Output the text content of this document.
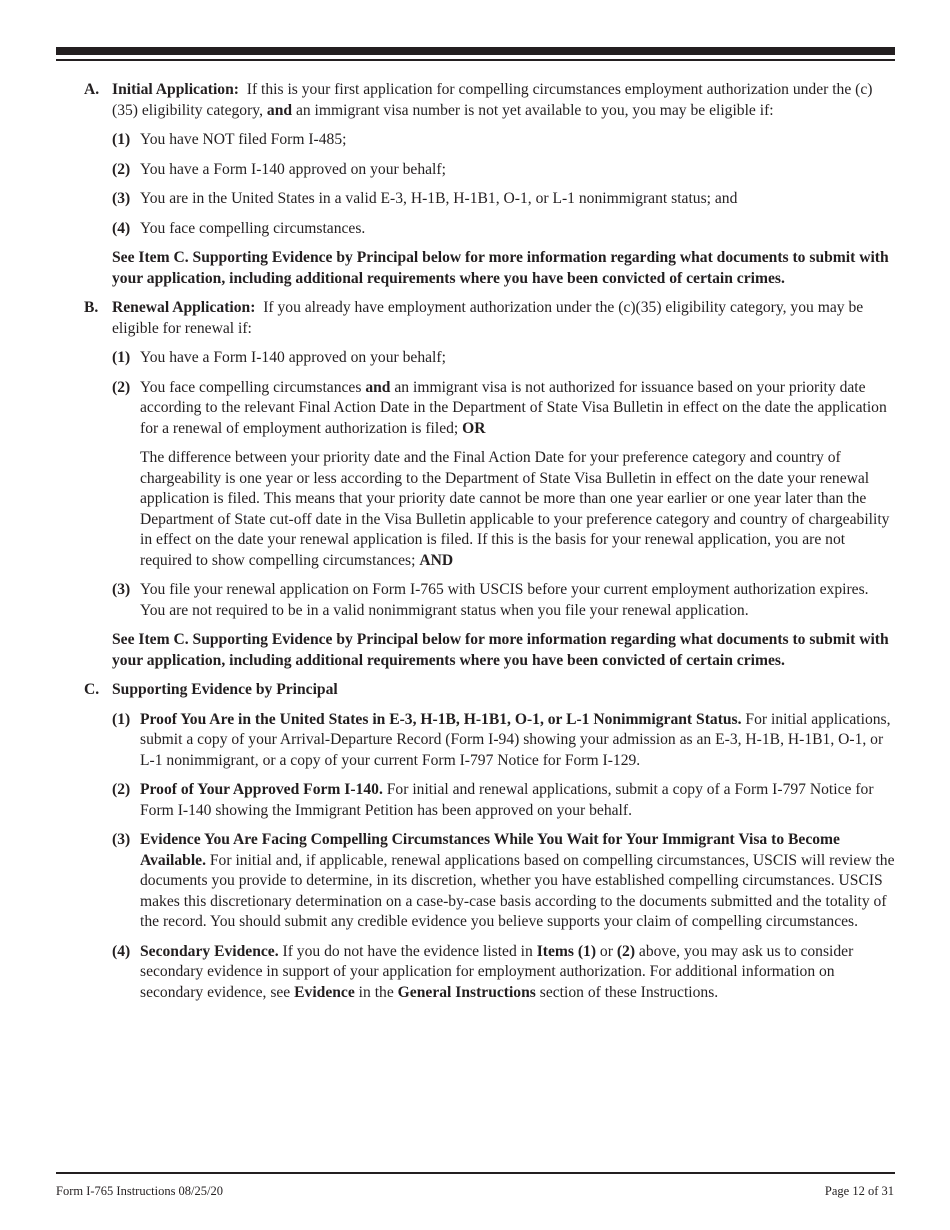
A. Initial Application: If this is your first application for compelling circumstances employment authorization under the (c)(35) eligibility category, and an immigrant visa number is not yet available to you, you may be eligible if:

(1) You have NOT filed Form I-485;
(2) You have a Form I-140 approved on your behalf;
(3) You are in the United States in a valid E-3, H-1B, H-1B1, O-1, or L-1 nonimmigrant status; and
(4) You face compelling circumstances.

See Item C. Supporting Evidence by Principal below for more information regarding what documents to submit with your application, including additional requirements where you have been convicted of certain crimes.

B. Renewal Application: If you already have employment authorization under the (c)(35) eligibility category, you may be eligible for renewal if:

(1) You have a Form I-140 approved on your behalf;
(2) You face compelling circumstances and an immigrant visa is not authorized for issuance based on your priority date according to the relevant Final Action Date in the Department of State Visa Bulletin in effect on the date the application for a renewal of employment authorization is filed; OR

The difference between your priority date and the Final Action Date for your preference category and country of chargeability is one year or less according to the Department of State Visa Bulletin in effect on the date your renewal application is filed. This means that your priority date cannot be more than one year earlier or one year later than the Department of State cut-off date in the Visa Bulletin applicable to your preference category and country of chargeability in effect on the date your renewal application is filed. If this is the basis for your renewal application, you are not required to show compelling circumstances; AND

(3) You file your renewal application on Form I-765 with USCIS before your current employment authorization expires. You are not required to be in a valid nonimmigrant status when you file your renewal application.

See Item C. Supporting Evidence by Principal below for more information regarding what documents to submit with your application, including additional requirements where you have been convicted of certain crimes.

C. Supporting Evidence by Principal

(1) Proof You Are in the United States in E-3, H-1B, H-1B1, O-1, or L-1 Nonimmigrant Status. For initial applications, submit a copy of your Arrival-Departure Record (Form I-94) showing your admission as an E-3, H-1B, H-1B1, O-1, or L-1 nonimmigrant, or a copy of your current Form I-797 Notice for Form I-129.
(2) Proof of Your Approved Form I-140. For initial and renewal applications, submit a copy of a Form I-797 Notice for Form I-140 showing the Immigrant Petition has been approved on your behalf.
(3) Evidence You Are Facing Compelling Circumstances While You Wait for Your Immigrant Visa to Become Available. For initial and, if applicable, renewal applications based on compelling circumstances, USCIS will review the documents you provide to determine, in its discretion, whether you have established compelling circumstances. USCIS makes this discretionary determination on a case-by-case basis according to the documents submitted and the totality of the record. You should submit any credible evidence you believe supports your claim of compelling circumstances.
(4) Secondary Evidence. If you do not have the evidence listed in Items (1) or (2) above, you may ask us to consider secondary evidence in support of your application for employment authorization. For additional information on secondary evidence, see Evidence in the General Instructions section of these Instructions.
Form I-765 Instructions 08/25/20	Page 12 of 31
